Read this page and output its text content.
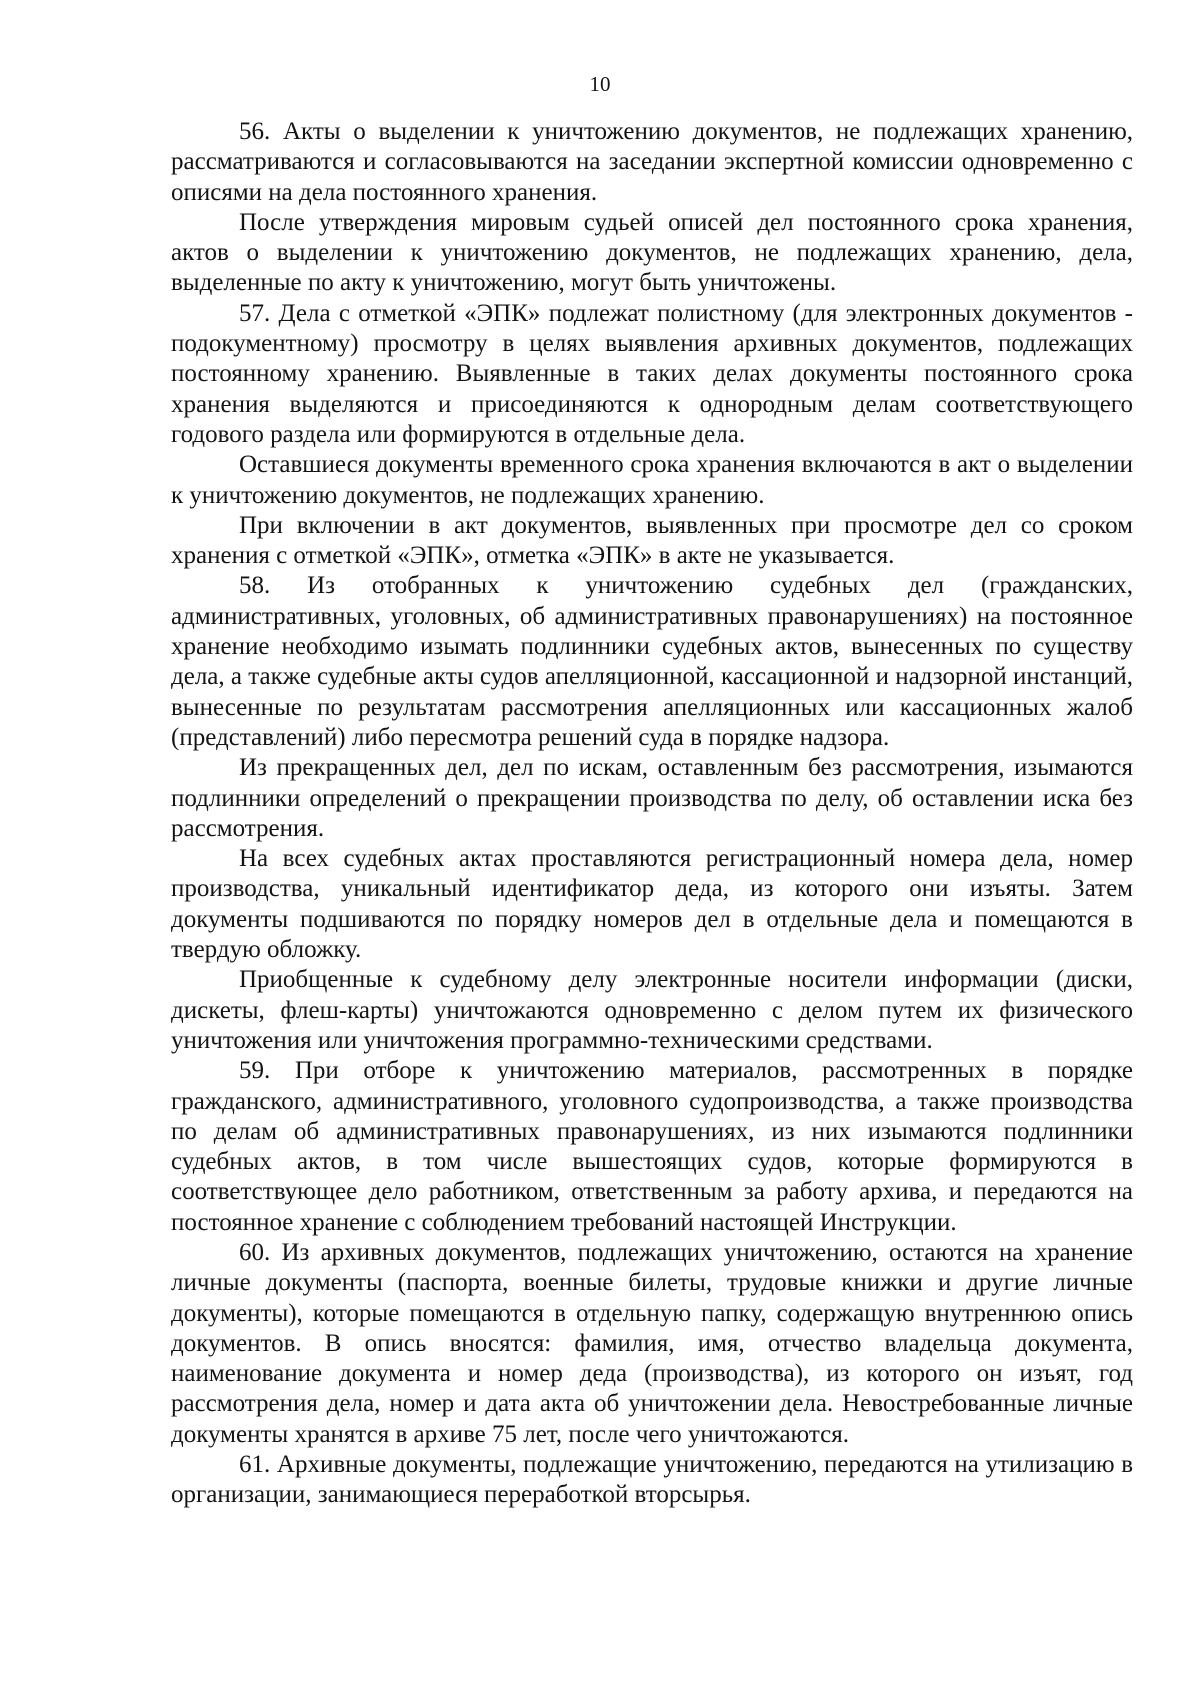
10

56. Акты о выделении к уничтожению документов, не подлежащих хранению, рассматриваются и согласовываются на заседании экспертной комиссии одновременно с описями на дела постоянного хранения.

После утверждения мировым судьей описей дел постоянного срока хранения, актов о выделении к уничтожению документов, не подлежащих хранению, дела, выделенные по акту к уничтожению, могут быть уничтожены.

57. Дела с отметкой «ЭПК» подлежат полистному (для электронных документов - подокументному) просмотру в целях выявления архивных документов, подлежащих постоянному хранению. Выявленные в таких делах документы постоянного срока хранения выделяются и присоединяются к однородным делам соответствующего годового раздела или формируются в отдельные дела.

Оставшиеся документы временного срока хранения включаются в акт о выделении к уничтожению документов, не подлежащих хранению.

При включении в акт документов, выявленных при просмотре дел со сроком хранения с отметкой «ЭПК», отметка «ЭПК» в акте не указывается.

58. Из отобранных к уничтожению судебных дел (гражданских, административных, уголовных, об административных правонарушениях) на постоянное хранение необходимо изымать подлинники судебных актов, вынесенных по существу дела, а также судебные акты судов апелляционной, кассационной и надзорной инстанций, вынесенные по результатам рассмотрения апелляционных или кассационных жалоб (представлений) либо пересмотра решений суда в порядке надзора.

Из прекращенных дел, дел по искам, оставленным без рассмотрения, изымаются подлинники определений о прекращении производства по делу, об оставлении иска без рассмотрения.

На всех судебных актах проставляются регистрационный номера дела, номер производства, уникальный идентификатор деда, из которого они изъяты. Затем документы подшиваются по порядку номеров дел в отдельные дела и помещаются в твердую обложку.

Приобщенные к судебному делу электронные носители информации (диски, дискеты, флеш-карты) уничтожаются одновременно с делом путем их физического уничтожения или уничтожения программно-техническими средствами.

59. При отборе к уничтожению материалов, рассмотренных в порядке гражданского, административного, уголовного судопроизводства, а также производства по делам об административных правонарушениях, из них изымаются подлинники судебных актов, в том числе вышестоящих судов, которые формируются в соответствующее дело работником, ответственным за работу архива, и передаются на постоянное хранение с соблюдением требований настоящей Инструкции.

60. Из архивных документов, подлежащих уничтожению, остаются на хранение личные документы (паспорта, военные билеты, трудовые книжки и другие личные документы), которые помещаются в отдельную папку, содержащую внутреннюю опись документов. В опись вносятся: фамилия, имя, отчество владельца документа, наименование документа и номер деда (производства), из которого он изъят, год рассмотрения дела, номер и дата акта об уничтожении дела. Невостребованные личные документы хранятся в архиве 75 лет, после чего уничтожаются.

61. Архивные документы, подлежащие уничтожению, передаются на утилизацию в организации, занимающиеся переработкой вторсырья.
